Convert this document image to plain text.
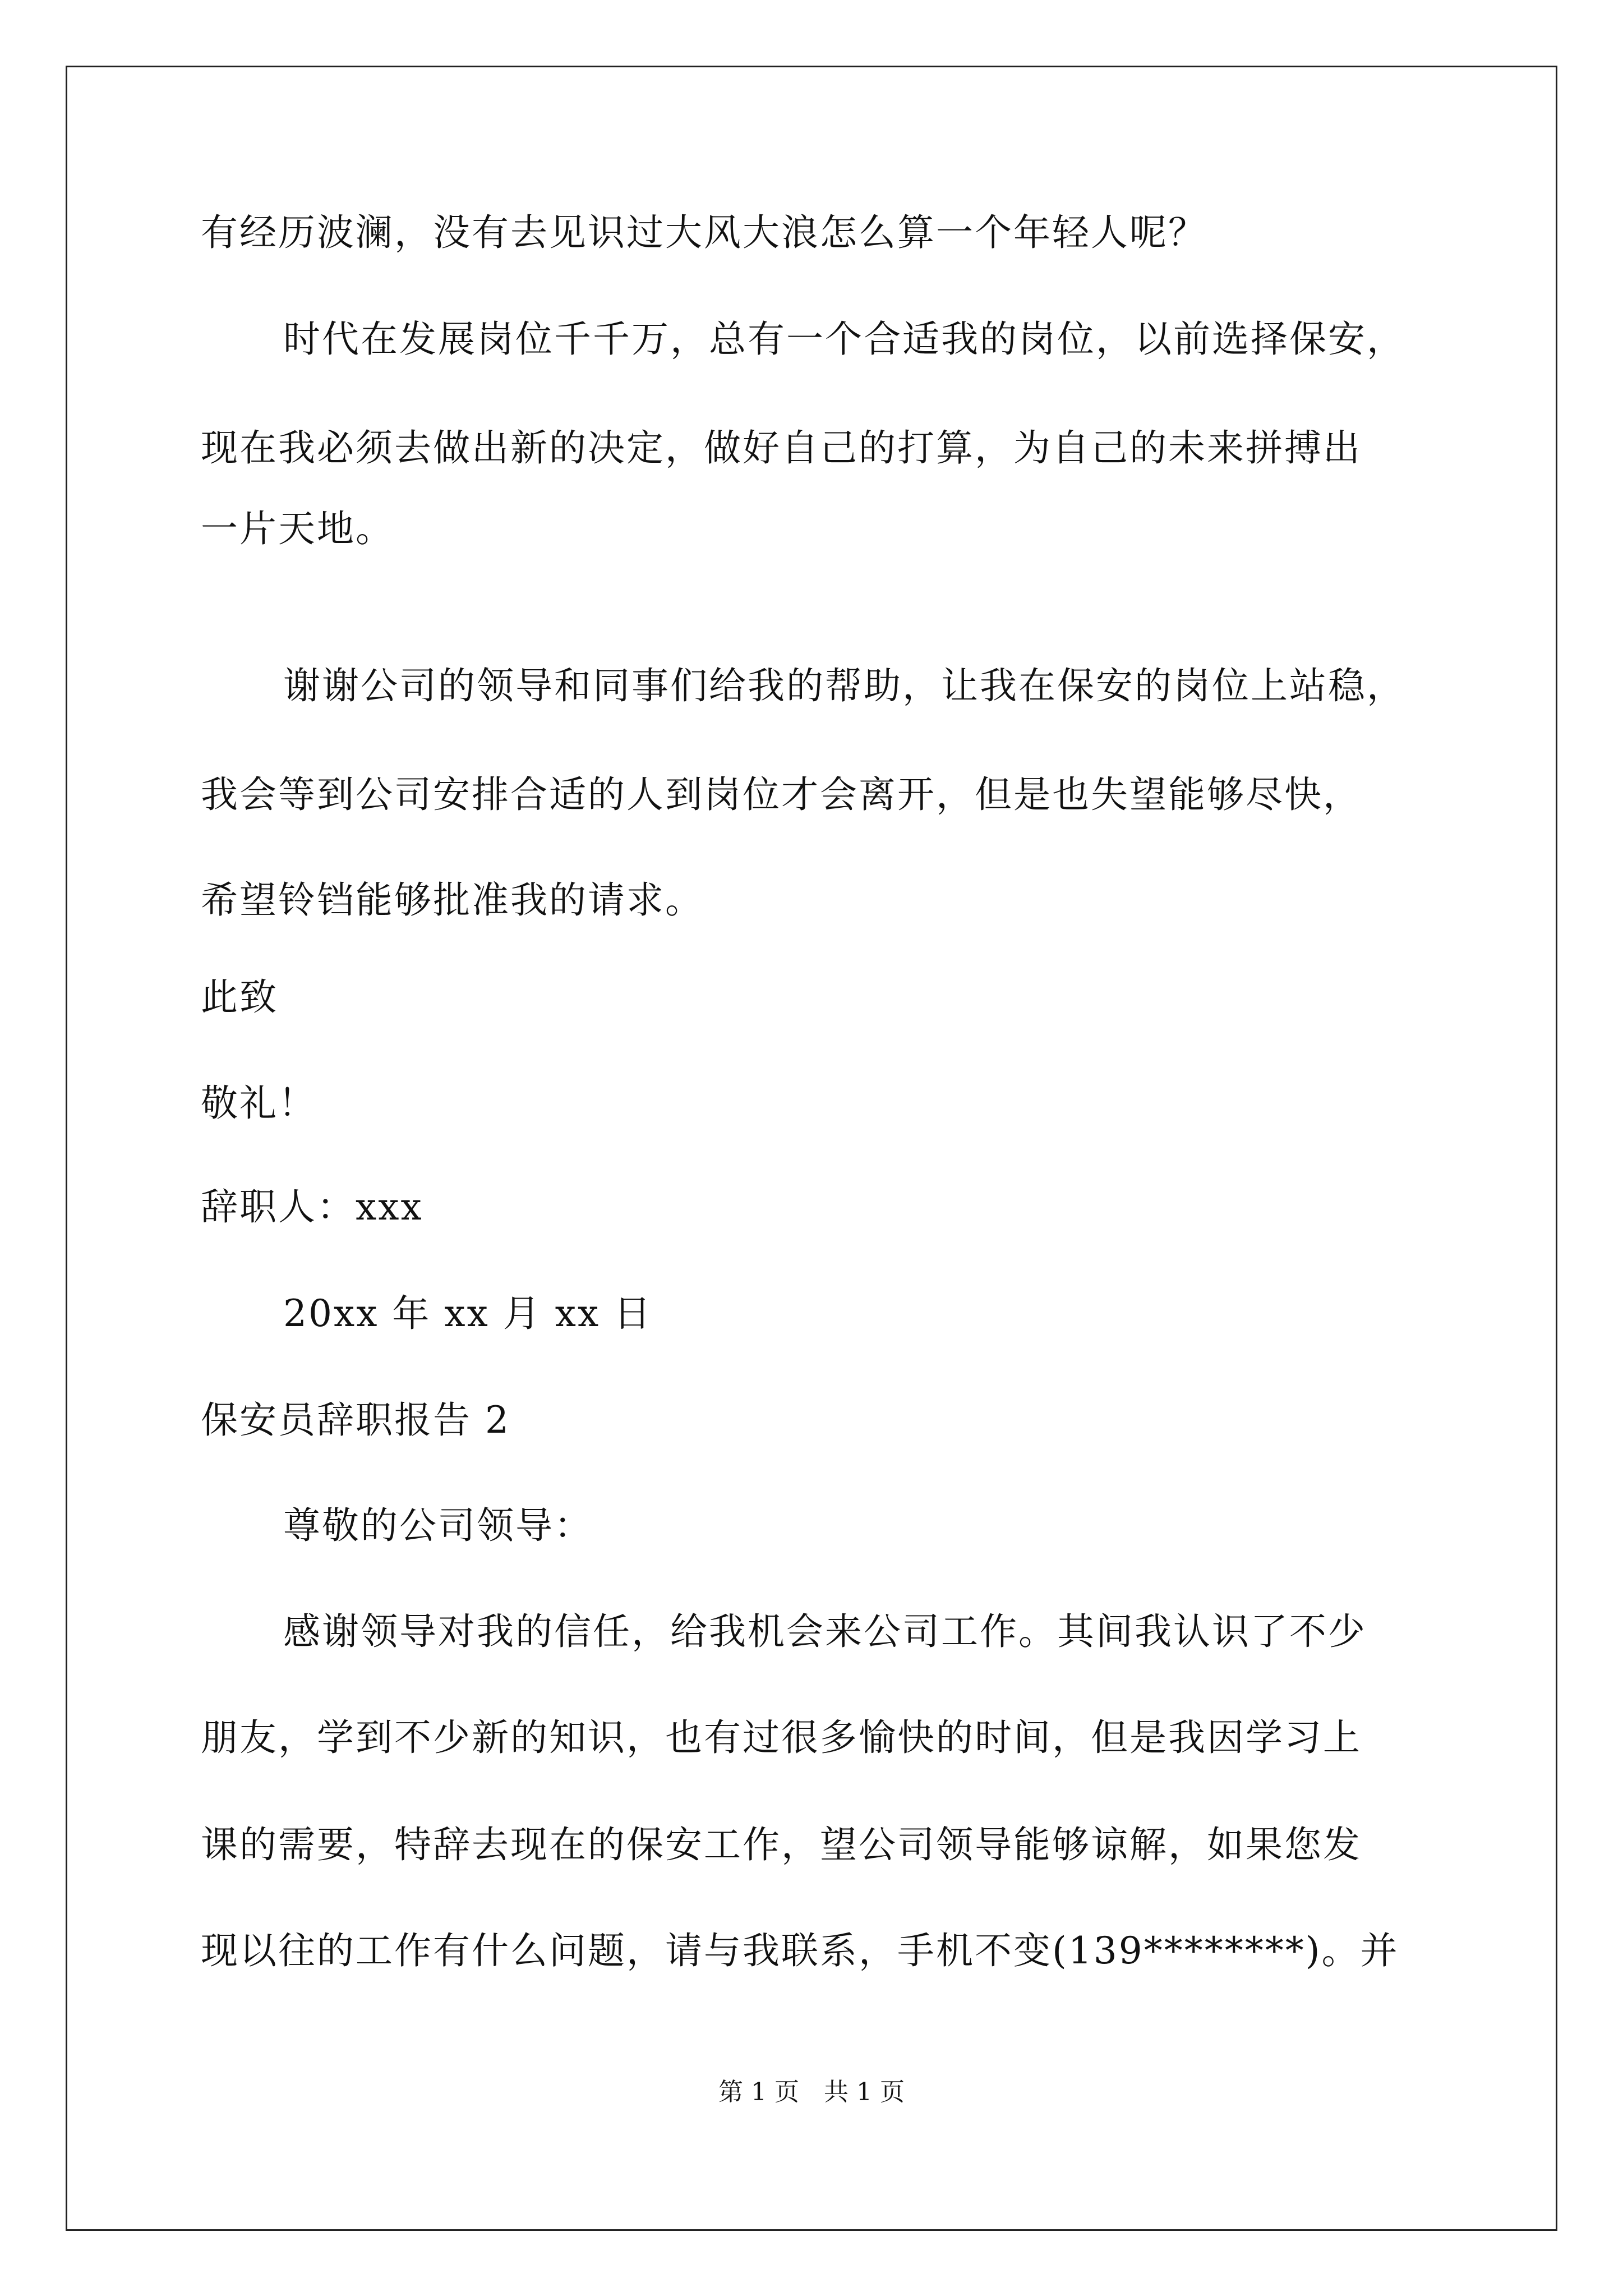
有经历波澜，没有去见识过大风大浪怎么算一个年轻人呢？
时代在发展岗位千千万，总有一个合适我的岗位，以前选择保安，
现在我必须去做出新的决定，做好自己的打算，为自己的未来拼搏出
一片天地。
谢谢公司的领导和同事们给我的帮助，让我在保安的岗位上站稳，
我会等到公司安排合适的人到岗位才会离开，但是也失望能够尽快，
希望铃铛能够批准我的请求。
此致
敬礼！
辞职人：xxx
20xx 年 xx 月 xx 日
保安员辞职报告 2
尊敬的公司领导：
感谢领导对我的信任，给我机会来公司工作。其间我认识了不少
朋友，学到不少新的知识，也有过很多愉快的时间，但是我因学习上
课的需要，特辞去现在的保安工作，望公司领导能够谅解，如果您发
现以往的工作有什么问题，请与我联系，手机不变(139********)。并
第 1 页　共 1 页
